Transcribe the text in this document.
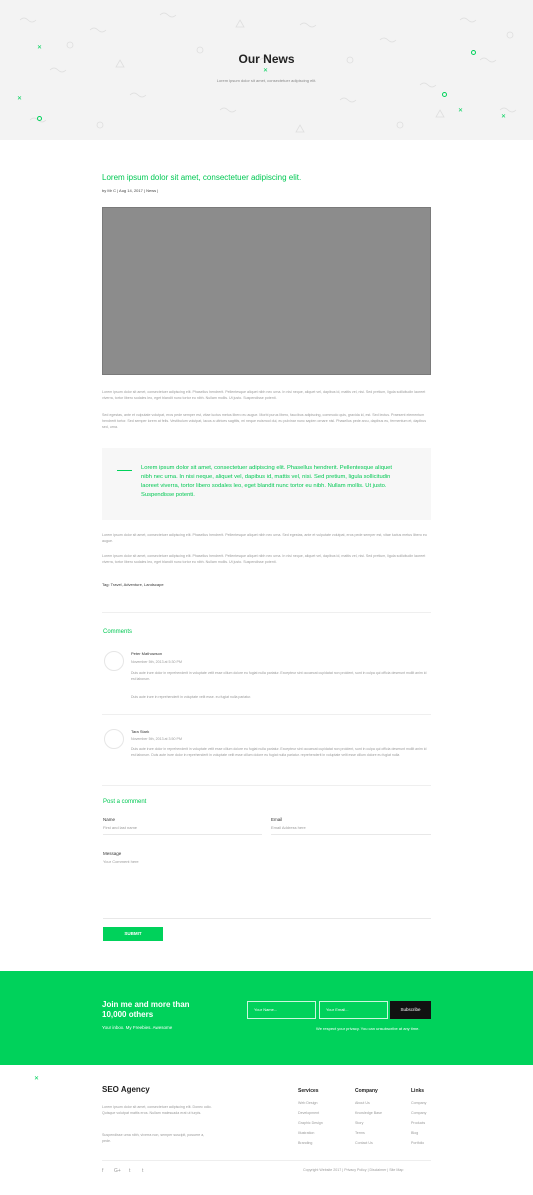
✕
✕
✕
✕
✕
Our News
Lorem ipsum dolor sit amet, consectetuer adipiscing elit.
Lorem ipsum dolor sit amet, consectetuer adipiscing elit.
by Mr C | Aug 14, 2017 | News |

Lorem ipsum dolor sit amet, consectetuer adipiscing elit. Phasellus hendrerit. Pellentesque aliquet nibh nec urna. In nisi neque, aliquet vel, dapibus id, mattis vel, nisi. Sed pretium, ligula sollicitudin laoreet viverra, tortor libero sodales leo, eget blandit nunc tortor eu nibh. Nullam mollis. Ut justo. Suspendisse potenti.

Sed egestas, ante et vulputate volutpat, eros pede semper est, vitae luctus metus libero eu augue. Morbi purus libero, faucibus adipiscing, commodo quis, gravida id, est. Sed lectus. Praesent elementum hendrerit tortor. Sed semper lorem at felis. Vestibulum volutpat, lacus a ultrices sagittis, mi neque euismod dui, eu pulvinar nunc sapien ornare nisl. Phasellus pede arcu, dapibus eu, fermentum et, dapibus sed, urna.

Lorem ipsum dolor sit amet, consectetuer adipiscing elit. Phasellus hendrerit. Pellentesque aliquet nibh nec urna. In nisi neque, aliquet vel, dapibus id, mattis vel, nisi. Sed pretium, ligula sollicitudin laoreet viverra, tortor libero sodales leo, eget blandit nunc tortor eu nibh. Nullam mollis. Ut justo. Suspendisse potenti.

Lorem ipsum dolor sit amet, consectetuer adipiscing elit. Phasellus hendrerit. Pellentesque aliquet nibh nec urna. Sed egestas, ante et vulputate volutpat, eros pede semper est, vitae luctus metus libero eu augue.

Lorem ipsum dolor sit amet, consectetuer adipiscing elit. Phasellus hendrerit. Pellentesque aliquet nibh nec urna. In nisi neque, aliquet vel, dapibus id, mattis vel, nisi. Sed pretium, ligula sollicitudin laoreet viverra, tortor libero sodales leo, eget blandit nunc tortor eu nibh. Nullam mollis. Ut justo. Suspendisse potenti.

Tag: Travel, Adventure, Landscape
Comments
Peter Mathowson
November 5th, 2013 at 5:30 PM
Duis aute irure dolor in reprehenderit in voluptate velit esse cillum dolore eu fugiat nulla pariatur. Excepteur sint occaecat cupidatat non proident, sunt in culpa qui officia deserunt mollit anim id est laborum.
Duis aute irure in reprehenderit in voluptate velit esse. eu fugiat nulla pariatur.
Tara Stark
November 5th, 2013 at 3:50 PM
Duis aute irure dolor in reprehenderit in voluptate velit esse cillum dolore eu fugiat nulla pariatur. Excepteur sint occaecat cupidatat non proident, sunt in culpa qui officia deserunt mollit anim id est laborum. Duis aute irure dolor in reprehenderit in voluptate velit esse cillum dolore eu fugiat nulla pariatur. reprehenderit in voluptate velit esse cillum dolore eu fugiat nulla
Post a comment
Name
First and last name
Email
Email Address here
Message
Your Comment here
SUBMIT
Join me and more than 10,000 others
Your inbox. My Freebies. Awesome
Your Name...	Your Email...	Subscribe
We respect your privacy. You can unsubscribe at any time.
✕
SEO Agency
Lorem ipsum dolor sit amet, consectetuer adipiscing elit. Donec odio. Quisque volutpat mattis eros. Nullam malesuada erat ut turpis.
Suspendisse urna nibh, viverra non, semper suscipit, posuere a, pede.
Services
Web Design
Development
Graphic Design
Illustration
Branding
Company
About Us
Knowledge Base
Story
Terms
Contact Us
Links
Company
Company
Products
Blog
Portfolio
f G+ t t	Copyright Website 2017 | Privacy Policy | Disclaimer | Site Map
